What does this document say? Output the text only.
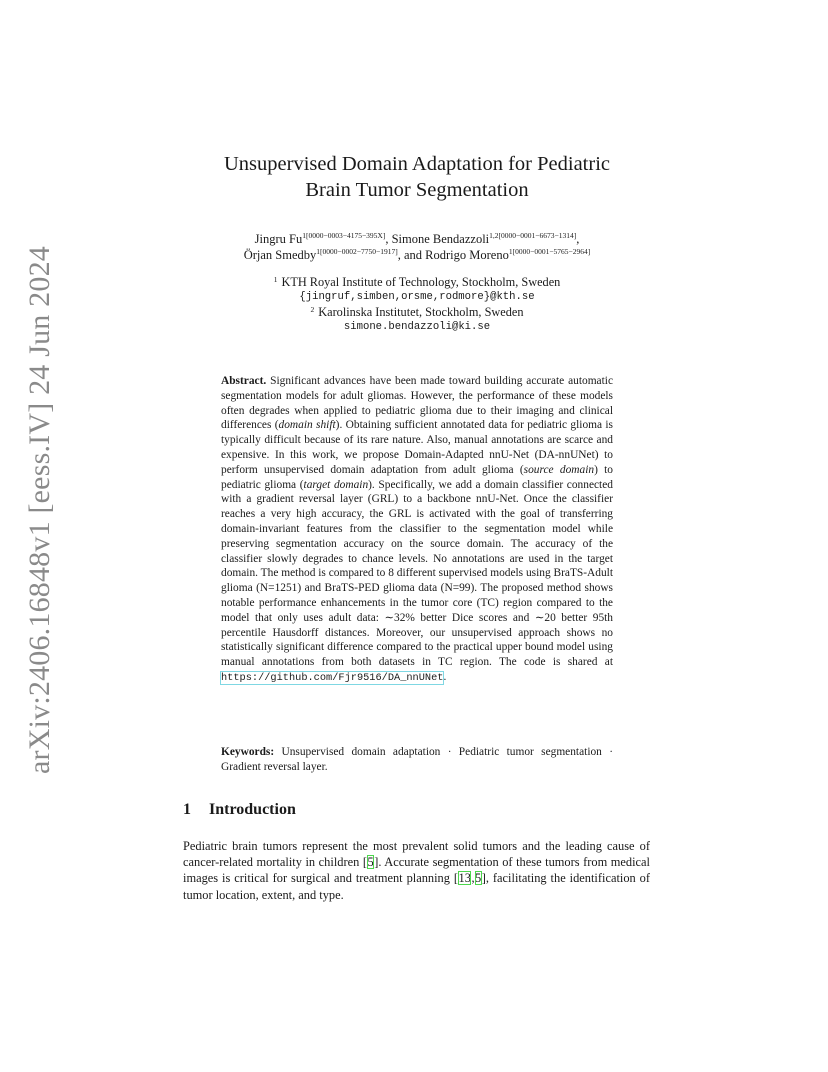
arXiv:2406.16848v1 [eess.IV] 24 Jun 2024
Unsupervised Domain Adaptation for Pediatric
Brain Tumor Segmentation
Jingru $Fu^{1[0000-0003-4175-395X]}$, Simone Bendazzoli$^{1,2[0000-0001-6673-1314]}$,
Örjan Smedby$^{1[0000-0002-7750-1917]}$, and Rodrigo Moreno$^{1[0000-0001-5765-2964]}$
$^1$ KTH Royal Institute of Technology, Stockholm, Sweden
{jingruf,simben,orsme,rodmore}@kth.se
$^2$ Karolinska Institutet, Stockholm, Sweden
simone.bendazzoli@ki.se

Abstract. Significant advances have been made toward building accurate automatic segmentation models for adult gliomas. However, the performance of these models often degrades when applied to pediatric glioma due to their imaging and clinical differences (domain shift). Obtaining sufficient annotated data for pediatric glioma is typically difficult because of its rare nature. Also, manual annotations are scarce and expensive. In this work, we propose Domain-Adapted nnU-Net (DA-nnUNet) to perform unsupervised domain adaptation from adult glioma (source domain) to pediatric glioma (target domain). Specifically, we add a domain classifier connected with a gradient reversal layer (GRL) to a backbone nnU-Net. Once the classifier reaches a very high accuracy, the GRL is activated with the goal of transferring domain-invariant features from the classifier to the segmentation model while preserving segmentation accuracy on the source domain. The accuracy of the classifier slowly degrades to chance levels. No annotations are used in the target domain. The method is compared to 8 different supervised models using BraTS-Adult glioma (N=1251) and BraTS-PED glioma data (N=99). The proposed method shows notable performance enhancements in the tumor core (TC) region compared to the model that only uses adult data: ∼32% better Dice scores and ∼20 better 95th percentile Hausdorff distances. Moreover, our unsupervised approach shows no statistically significant difference compared to the practical upper bound model using manual annotations from both datasets in TC region. The code is shared at https://github.com/Fjr9516/DA_nnUNet.

Keywords: Unsupervised domain adaptation · Pediatric tumor segmentation · Gradient reversal layer.

1 Introduction

Pediatric brain tumors represent the most prevalent solid tumors and the leading cause of cancer-related mortality in children [5]. Accurate segmentation of these tumors from medical images is critical for surgical and treatment planning [13,5], facilitating the identification of tumor location, extent, and type.
